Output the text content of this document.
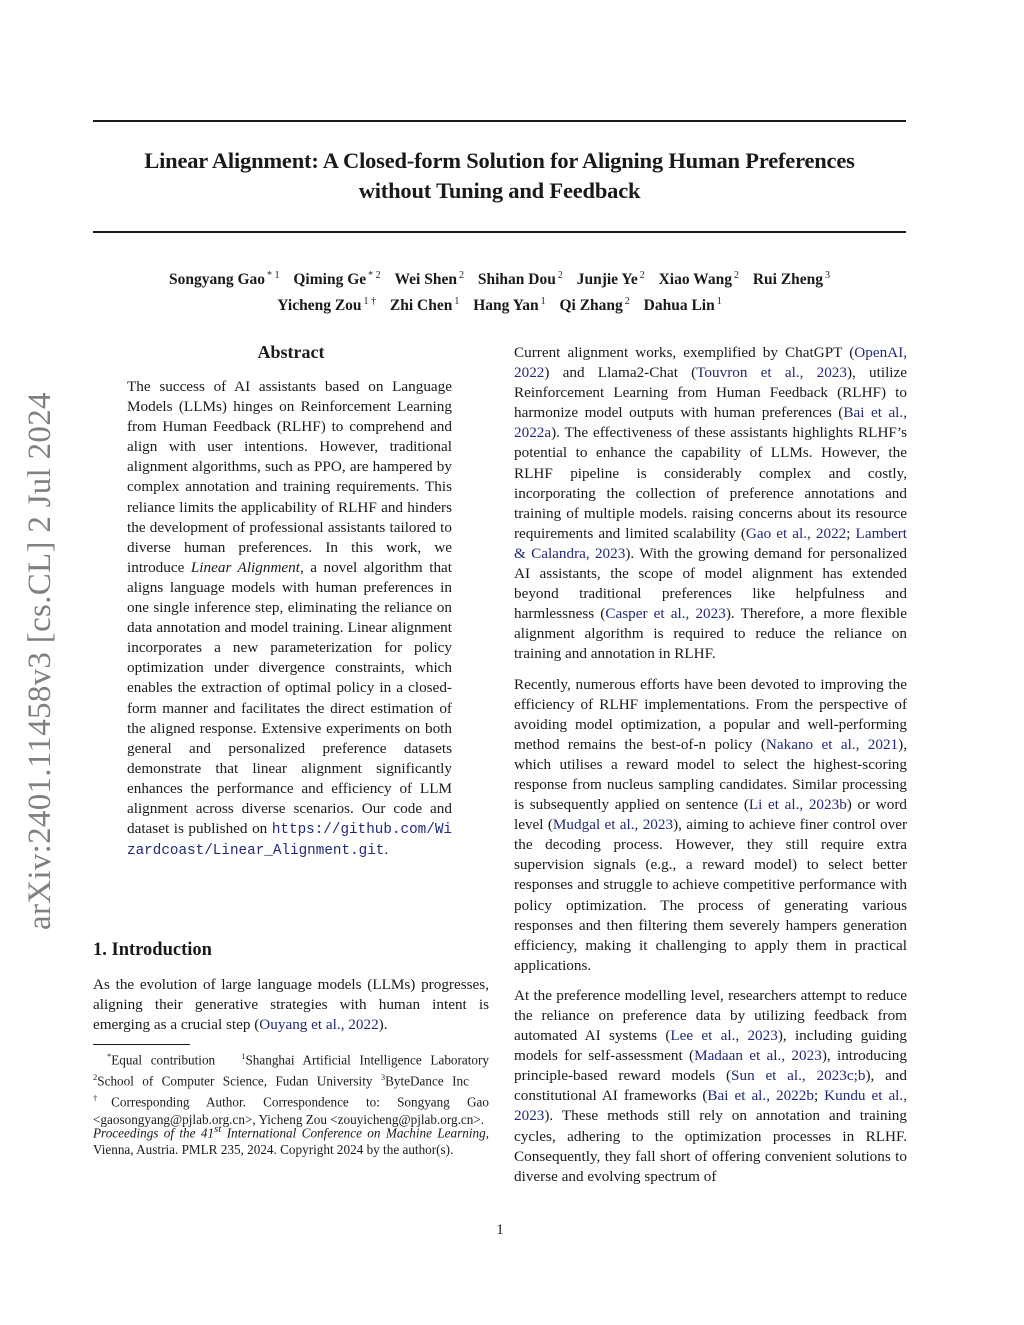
Linear Alignment: A Closed-form Solution for Aligning Human Preferences
without Tuning and Feedback
Songyang Gao $^{* 1}$ Qiming Ge $^{* 2}$ Wei Shen $^2$ Shihan Dou $^2$ Junjie Ye $^2$ Xiao Wang $^2$ Rui Zheng $^3$
Yicheng Zou $^{1 \dagger}$ Zhi Chen $^1$ Hang Yan $^1$ Qi Zhang $^2$ Dahua Lin $^1$
arXiv:2401.11458v3 [cs.CL] 2 Jul 2024
Abstract
The success of AI assistants based on Language Models (LLMs) hinges on Reinforcement Learning from Human Feedback (RLHF) to comprehend and align with user intentions. However, traditional alignment algorithms, such as PPO, are hampered by complex annotation and training requirements. This reliance limits the applicability of RLHF and hinders the development of professional assistants tailored to diverse human preferences. In this work, we introduce Linear Alignment, a novel algorithm that aligns language models with human preferences in one single inference step, eliminating the reliance on data annotation and model training. Linear alignment incorporates a new parameterization for policy optimization under divergence constraints, which enables the extraction of optimal policy in a closed-form manner and facilitates the direct estimation of the aligned response. Extensive experiments on both general and personalized preference datasets demonstrate that linear alignment significantly enhances the performance and efficiency of LLM alignment across diverse scenarios. Our code and dataset is published on https://github.com/Wizardcoast/Linear_Alignment.git.
1. Introduction
As the evolution of large language models (LLMs) progresses, aligning their generative strategies with human intent is emerging as a crucial step (Ouyang et al., 2022).

*Equal contribution	$^1$Shanghai Artificial Intelligence Laboratory $^2$School of Computer Science, Fudan University $^3$ByteDance Inc    †Corresponding Author. Correspondence to: Songyang Gao <gaosongyang@pjlab.org.cn>, Yicheng Zou <zouyicheng@pjlab.org.cn>.

Proceedings of the 41st International Conference on Machine Learning, Vienna, Austria. PMLR 235, 2024. Copyright 2024 by the author(s).

Current alignment works, exemplified by ChatGPT (OpenAI, 2022) and Llama2-Chat (Touvron et al., 2023), utilize Reinforcement Learning from Human Feedback (RLHF) to harmonize model outputs with human preferences (Bai et al., 2022a). The effectiveness of these assistants highlights RLHF’s potential to enhance the capability of LLMs. However, the RLHF pipeline is considerably complex and costly, incorporating the collection of preference annotations and training of multiple models. raising concerns about its resource requirements and limited scalability (Gao et al., 2022; Lambert & Calandra, 2023). With the growing demand for personalized AI assistants, the scope of model alignment has extended beyond traditional preferences like helpfulness and harmlessness (Casper et al., 2023). Therefore, a more flexible alignment algorithm is required to reduce the reliance on training and annotation in RLHF.

Recently, numerous efforts have been devoted to improving the efficiency of RLHF implementations. From the perspective of avoiding model optimization, a popular and well-performing method remains the best-of-n policy (Nakano et al., 2021), which utilises a reward model to select the highest-scoring response from nucleus sampling candidates. Similar processing is subsequently applied on sentence (Li et al., 2023b) or word level (Mudgal et al., 2023), aiming to achieve finer control over the decoding process. However, they still require extra supervision signals (e.g., a reward model) to select better responses and struggle to achieve competitive performance with policy optimization. The process of generating various responses and then filtering them severely hampers generation efficiency, making it challenging to apply them in practical applications.

At the preference modelling level, researchers attempt to reduce the reliance on preference data by utilizing feedback from automated AI systems (Lee et al., 2023), including guiding models for self-assessment (Madaan et al., 2023), introducing principle-based reward models (Sun et al., 2023c;b), and constitutional AI frameworks (Bai et al., 2022b; Kundu et al., 2023). These methods still rely on annotation and training cycles, adhering to the optimization processes in RLHF. Consequently, they fall short of offering convenient solutions to diverse and evolving spectrum of

1
